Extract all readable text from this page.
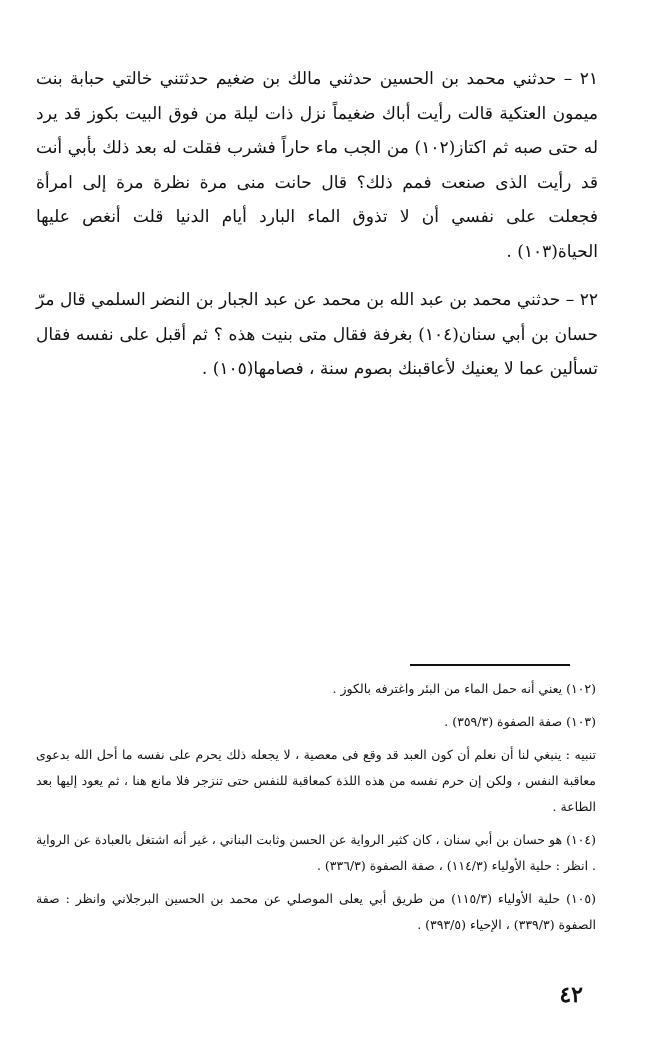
٢١ – حدثني محمد بن الحسين حدثني مالك بن ضغيم حدثتني خالتي حبابة بنت ميمون العتكية قالت رأيت أباك ضغيماً نزل ذات ليلة من فوق البيت بكوز قد يرد له حتى صبه ثم اكتاز(١٠٢) من الجب ماء حاراً فشرب فقلت له بعد ذلك بأبي أنت قد رأيت الذى صنعت فمم ذلك؟ قال حانت منى مرة نظرة مرة إلى امرأة فجعلت على نفسي أن لا تذوق الماء البارد أيام الدنيا قلت أنغص عليها الحياة(١٠٣) .

٢٢ – حدثني محمد بن عبد الله بن محمد عن عبد الجبار بن النضر السلمي قال مرّ حسان بن أبي سنان(١٠٤) بغرفة فقال متى بنيت هذه ؟ ثم أقبل على نفسه فقال تسألين عما لا يعنيك لأعاقبنك بصوم سنة ، فصامها(١٠٥) .

(١٠٢) يعني أنه حمل الماء من البئر واغترفه بالكوز .

(١٠٣) صفة الصفوة (٣٥٩/٣) .

تنبيه : ينبغي لنا أن نعلم أن كون العبد قد وقع فى معصية ، لا يجعله ذلك يحرم على نفسه ما أحل الله بدعوى معاقبة النفس ، ولكن إن حرم نفسه من هذه اللذة كمعاقبة للنفس حتى تنزجر فلا مانع هنا ، ثم يعود إليها بعد الطاعة .

(١٠٤) هو حسان بن أبي سنان ، كان كثير الرواية عن الحسن وثابت البناني ، غير أنه اشتغل بالعبادة عن الرواية . انظر : حلية الأولياء (١١٤/٣) ، صفة الصفوة (٣٣٦/٣) .

(١٠٥) حلية الأولياء (١١٥/٣) من طريق أبي يعلى الموصلي عن محمد بن الحسين البرجلاني وانظر : صفة الصفوة (٣٣٩/٣) ، الإحياء (٣٩٣/٥) .

٤٢
